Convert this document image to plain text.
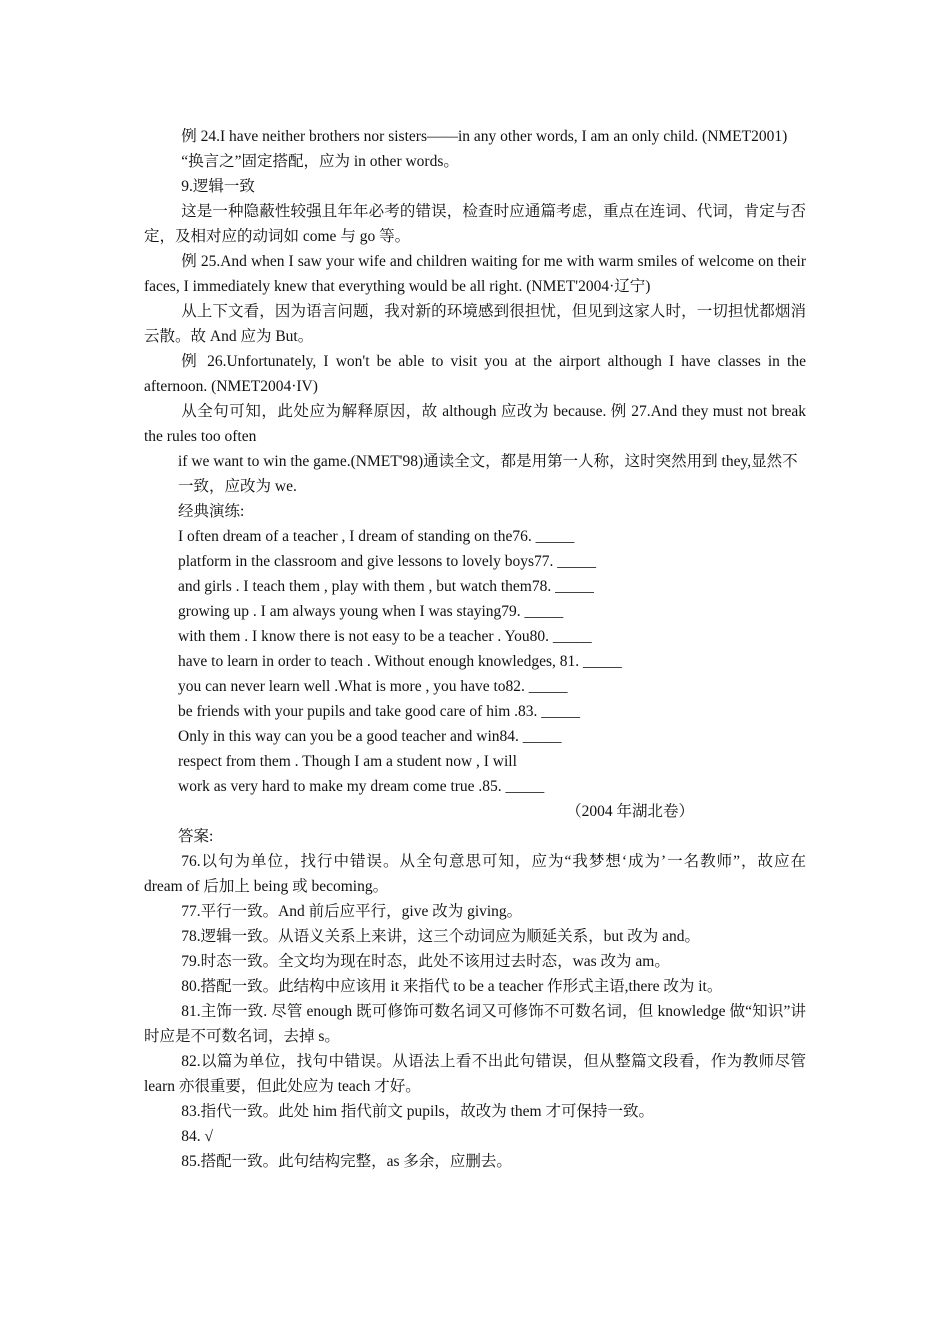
例 24.I have neither brothers nor sisters——in any other words, I am an only child. (NMET2001)

“换言之”固定搭配，应为 in other words。

9.逻辑一致

这是一种隐蔽性较强且年年必考的错误，检查时应通篇考虑，重点在连词、代词，肯定与否定，及相对应的动词如 come 与 go 等。

例 25.And when I saw your wife and children waiting for me with warm smiles of welcome on their faces, I immediately knew that everything would be all right. (NMET'2004·辽宁)

从上下文看，因为语言问题，我对新的环境感到很担忧，但见到这家人时，一切担忧都烟消云散。故 And 应为 But。

例 26.Unfortunately, I won't be able to visit you at the airport although I have classes in the afternoon. (NMET2004·IV)

从全句可知，此处应为解释原因，故 although 应改为 because. 例 27.And they must not break the rules too often

if we want to win the game.(NMET'98)通读全文，都是用第一人称，这时突然用到 they,显然不一致，应改为 we.

经典演练:

I often dream of a teacher , I dream of standing on the76. _____

platform in the classroom and give lessons to lovely boys77. _____

and girls . I teach them , play with them , but watch them78. _____

growing up . I am always young when I was staying79. _____

with them . I know there is not easy to be a teacher . You80. _____

have to learn in order to teach . Without enough knowledges, 81. _____

you can never learn well .What is more , you have to82. _____

be friends with your pupils and take good care of him .83. _____

Only in this way can you be a good teacher and win84. _____

respect from them . Though I am a student now , I will

work as very hard to make my dream come true .85. _____

（2004 年湖北卷）

答案:

76.以句为单位，找行中错误。从全句意思可知，应为“我梦想‘成为’一名教师”，故应在 dream of 后加上 being 或 becoming。

77.平行一致。And 前后应平行，give 改为 giving。

78.逻辑一致。从语义关系上来讲，这三个动词应为顺延关系，but 改为 and。

79.时态一致。全文均为现在时态，此处不该用过去时态，was 改为 am。

80.搭配一致。此结构中应该用 it 来指代 to be a teacher 作形式主语,there 改为 it。

81.主饰一致. 尽管 enough 既可修饰可数名词又可修饰不可数名词，但 knowledge 做“知识”讲时应是不可数名词，去掉 s。

82.以篇为单位，找句中错误。从语法上看不出此句错误，但从整篇文段看，作为教师尽管 learn 亦很重要，但此处应为 teach 才好。

83.指代一致。此处 him 指代前文 pupils，故改为 them 才可保持一致。

84. √

85.搭配一致。此句结构完整，as 多余，应删去。
